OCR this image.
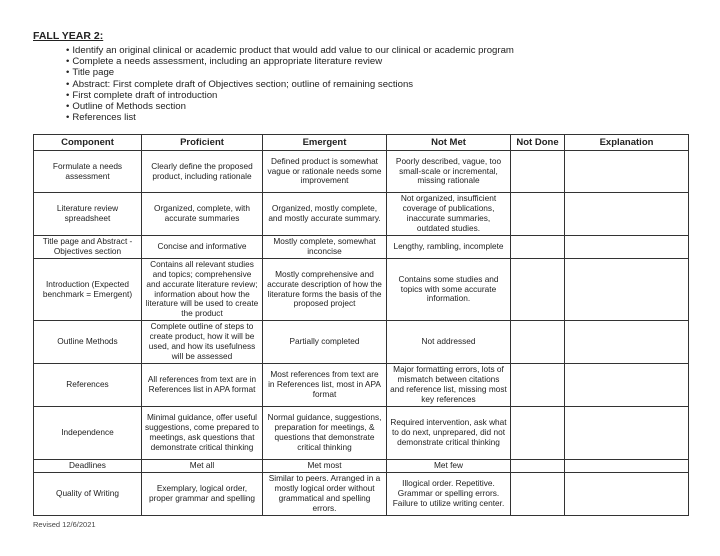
FALL YEAR 2:
• Identify an original clinical or academic product that would add value to our clinical or academic program
• Complete a needs assessment, including an appropriate literature review
• Title page
• Abstract: First complete draft of Objectives section; outline of remaining sections
• First complete draft of introduction
• Outline of Methods section
• References list
Component	Proficient	Emergent	Not Met	Not Done	Explanation
Formulate a needs assessment	Clearly define the proposed product, including rationale	Defined product is somewhat vague or rationale needs some improvement	Poorly described, vague, too small-scale or incremental, missing rationale		
Literature review spreadsheet	Organized, complete, with accurate summaries	Organized, mostly complete, and mostly accurate summary.	Not organized, insufficient coverage of publications, inaccurate summaries, outdated studies.		
Title page and Abstract - Objectives section	Concise and informative	Mostly complete, somewhat inconcise	Lengthy, rambling, incomplete		
Introduction (Expected benchmark = Emergent)	Contains all relevant studies and topics; comprehensive and accurate literature review; information about how the literature will be used to create the product	Mostly comprehensive and accurate description of how the literature forms the basis of the proposed project	Contains some studies and topics with some accurate information.		
Outline Methods	Complete outline of steps to create product, how it will be used, and how its usefulness will be assessed	Partially completed	Not addressed		
References	All references from text are in References list in APA format	Most references from text are in References list, most in APA format	Major formatting errors, lots of mismatch between citations and reference list, missing most key references		
Independence	Minimal guidance, offer useful suggestions, come prepared to meetings, ask questions that demonstrate critical thinking	Normal guidance, suggestions, preparation for meetings, & questions that demonstrate critical thinking	Required intervention, ask what to do next, unprepared, did not demonstrate critical thinking		
Deadlines	Met all	Met most	Met few		
Quality of Writing	Exemplary, logical order, proper grammar and spelling	Similar to peers. Arranged in a mostly logical order without grammatical and spelling errors.	Illogical order. Repetitive. Grammar or spelling errors. Failure to utilize writing center.		
Revised 12/6/2021
